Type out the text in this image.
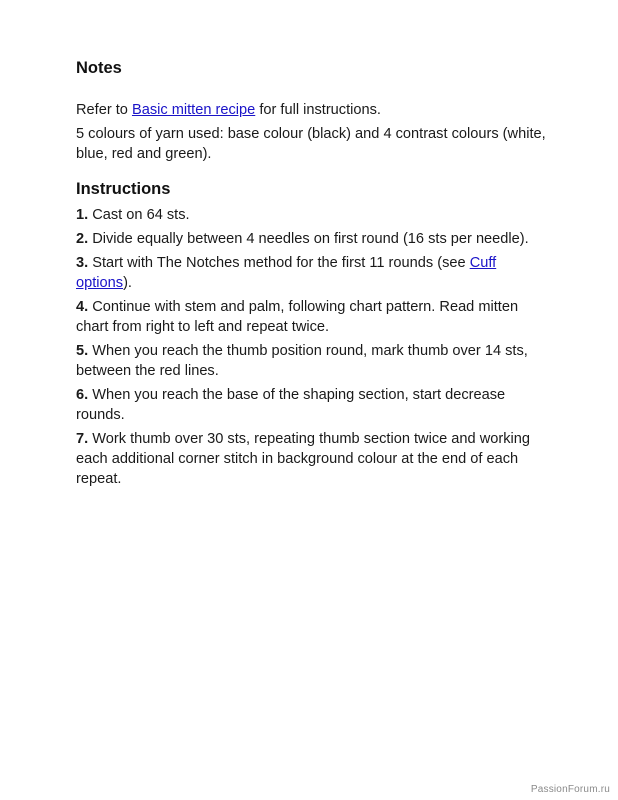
Notes

Refer to Basic mitten recipe for full instructions.

5 colours of yarn used: base colour (black) and 4 contrast colours (white, blue, red and green).

Instructions

1. Cast on 64 sts.

2. Divide equally between 4 needles on first round (16 sts per needle).

3. Start with The Notches method for the first 11 rounds (see Cuff options).

4. Continue with stem and palm, following chart pattern. Read mitten chart from right to left and repeat twice.

5. When you reach the thumb position round, mark thumb over 14 sts, between the red lines.

6. When you reach the base of the shaping section, start decrease rounds.

7. Work thumb over 30 sts, repeating thumb section twice and working each additional corner stitch in background colour at the end of each repeat.

PassionForum.ru
